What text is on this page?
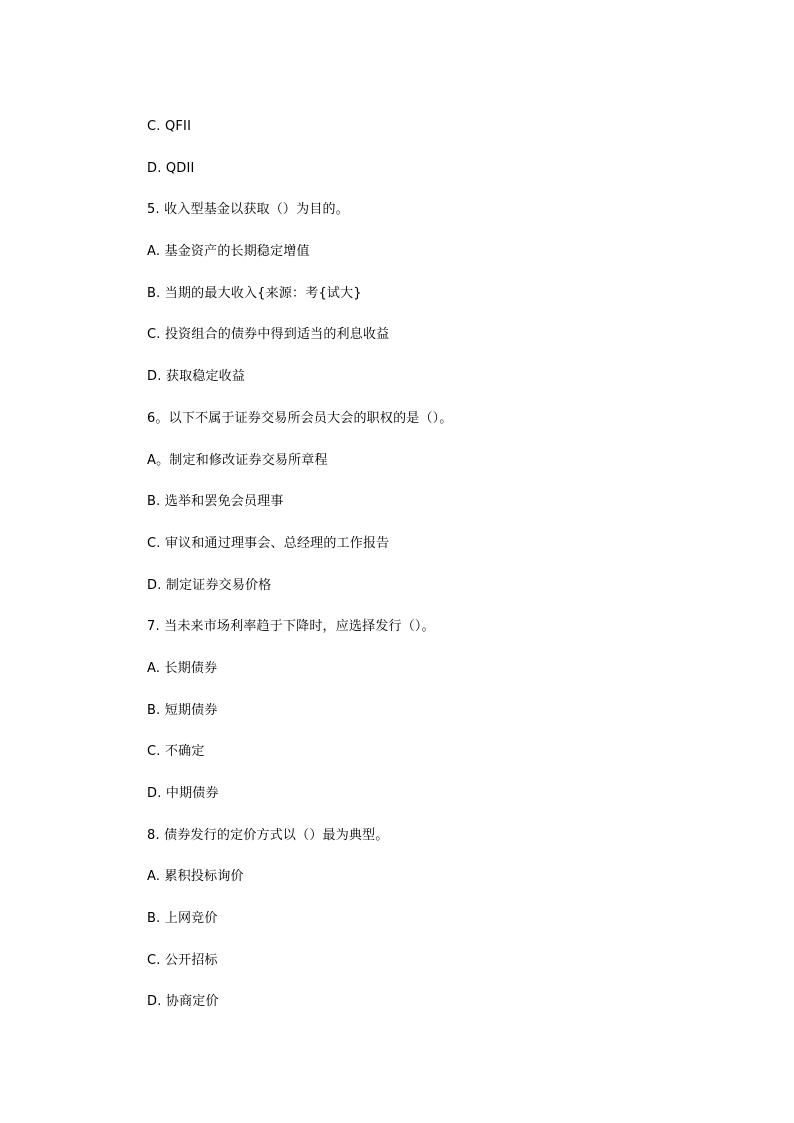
C. QFII
D. QDII
5. 收入型基金以获取（）为目的。
A. 基金资产的长期稳定增值
B. 当期的最大收入{来源：考{试大}
C. 投资组合的债券中得到适当的利息收益
D. 获取稳定收益
6。以下不属于证券交易所会员大会的职权的是（）。
A。制定和修改证券交易所章程
B. 选举和罢免会员理事
C. 审议和通过理事会、总经理的工作报告
D. 制定证券交易价格
7. 当未来市场利率趋于下降时，应选择发行（）。
A. 长期债券
B. 短期债券
C. 不确定
D. 中期债券
8. 债券发行的定价方式以（）最为典型。
A. 累积投标询价
B. 上网竞价
C. 公开招标
D. 协商定价
